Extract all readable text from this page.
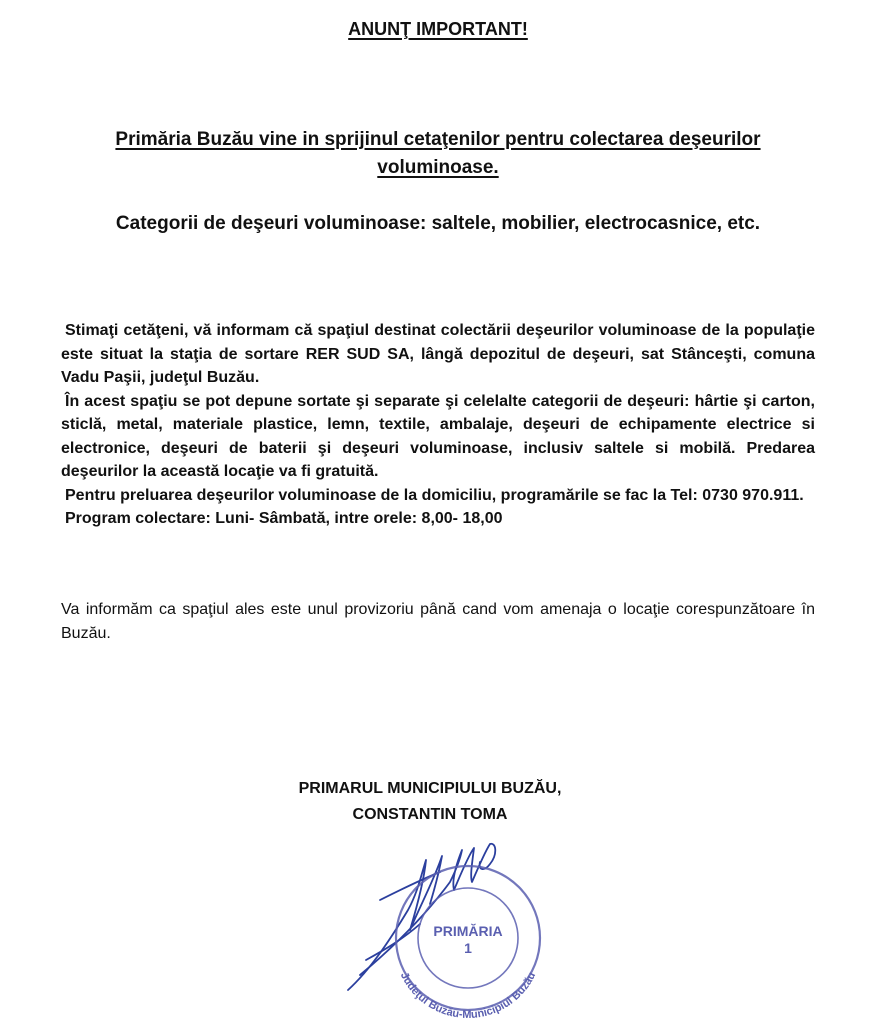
ANUNŢ IMPORTANT!
Primăria Buzău vine in sprijinul cetaţenilor pentru colectarea deşeurilor
voluminoase.
Categorii de deşeuri voluminoase: saltele, mobilier, electrocasnice, etc.

Stimaţi cetăţeni, vă informam că spaţiul destinat colectării deşeurilor voluminoase de la populaţie este situat la staţia de sortare RER SUD SA, lângă depozitul de deşeuri, sat Stânceşti, comuna Vadu Paşii, judeţul Buzău.

În acest spaţiu se pot depune sortate şi separate şi celelalte categorii de deşeuri: hârtie şi carton, sticlă, metal, materiale plastice, lemn, textile, ambalaje, deşeuri de echipamente electrice si electronice, deşeuri de baterii şi deşeuri voluminoase, inclusiv saltele si mobilă. Predarea deşeurilor la această locaţie va fi gratuită.

Pentru preluarea deşeurilor voluminoase de la domiciliu, programările se fac la Tel: 0730 970.911.

Program colectare: Luni- Sâmbată, intre orele: 8,00- 18,00

Va informăm ca spaţiul ales este unul provizoriu până cand vom amenaja o locaţie corespunzătoare în Buzău.

PRIMARUL MUNICIPIULUI BUZĂU,
CONSTANTIN TOMA
Judeţul Buzău-Municipiul Buzău
PRIMĂRIA
1
